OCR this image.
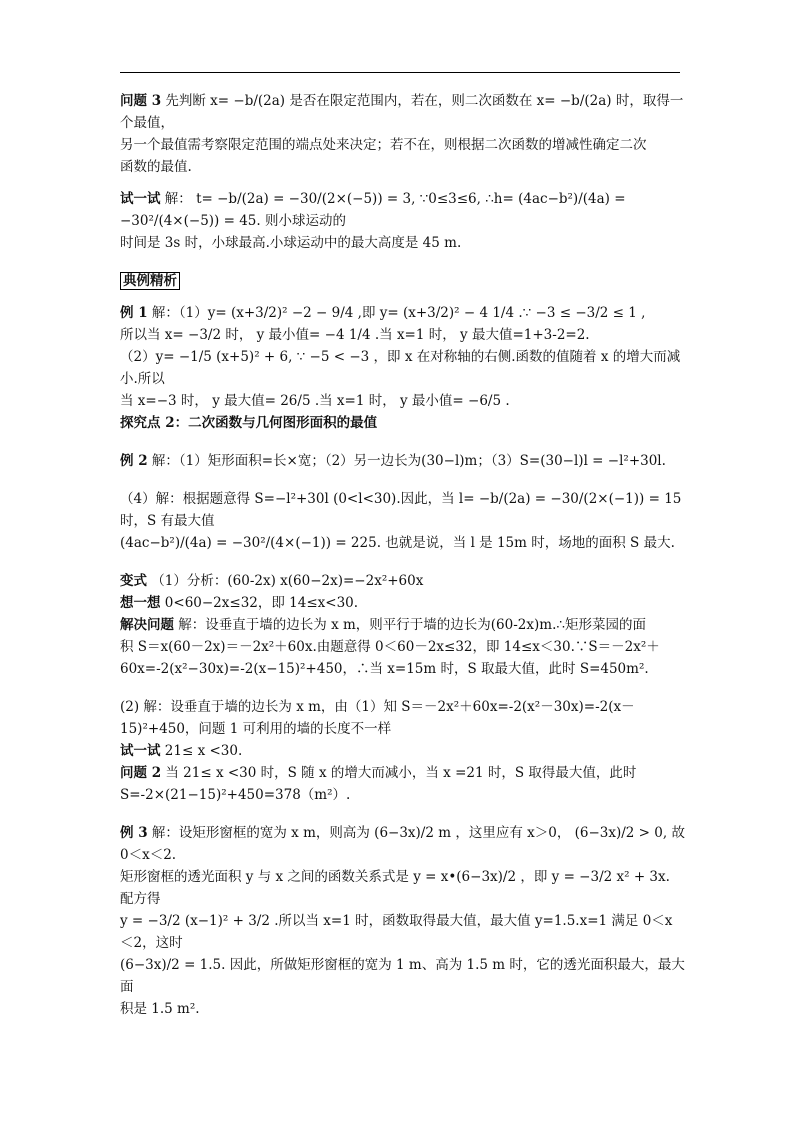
问题 3 先判断 x= −b/(2a) 是否在限定范围内，若在，则二次函数在 x= −b/(2a) 时，取得一个最值，

另一个最值需考察限定范围的端点处来决定；若不在，则根据二次函数的增减性确定二次

函数的最值.

试一试 解： t= −b/(2a) = −30/(2×(−5)) = 3, ∵0≤3≤6, ∴h= (4ac−b²)/(4a) = −30²/(4×(−5)) = 45. 则小球运动的

时间是 3s 时，小球最高.小球运动中的最大高度是 45 m.

典例精析

例 1 解：（1）y= (x+3/2)² −2 − 9/4 ,即 y= (x+3/2)² − 4 1/4 .∵ −3 ≤ −3/2 ≤ 1 ,

所以当 x= −3/2 时， y 最小值= −4 1/4 .当 x=1 时， y 最大值=1+3-2=2.

（2）y= −1/5 (x+5)² + 6, ∵ −5 < −3 ，即 x 在对称轴的右侧.函数的值随着 x 的增大而减小.所以

当 x=−3 时， y 最大值= 26/5 .当 x=1 时， y 最小值= −6/5 .

探究点 2：二次函数与几何图形面积的最值

例 2 解：（1）矩形面积=长×宽；（2）另一边长为(30−l)m；（3）S=(30−l)l = −l²+30l.

（4）解：根据题意得 S=−l²+30l (0<l<30).因此，当 l= −b/(2a) = −30/(2×(−1)) = 15 时，S 有最大值

(4ac−b²)/(4a) = −30²/(4×(−1)) = 225. 也就是说，当 l 是 15m 时，场地的面积 S 最大.

变式 （1）分析：(60-2x) x(60−2x)=−2x²+60x

想一想 0<60−2x≤32，即 14≤x<30.

解决问题 解：设垂直于墙的边长为 x m，则平行于墙的边长为(60-2x)m.∴矩形菜园的面

积 S＝x(60－2x)＝－2x²＋60x.由题意得 0＜60－2x≤32，即 14≤x＜30.∵S＝－2x²＋

60x=-2(x²−30x)=-2(x−15)²+450，∴当 x=15m 时，S 取最大值，此时 S=450m².

(2) 解：设垂直于墙的边长为 x m，由（1）知 S＝－2x²＋60x=-2(x²－30x)=-2(x－

15)²+450，问题 1 可利用的墙的长度不一样

试一试 21≤ x <30.

问题 2 当 21≤ x <30 时，S 随 x 的增大而减小，当 x =21 时，S 取得最大值，此时

S=-2×(21−15)²+450=378（m²）.

例 3 解：设矩形窗框的宽为 x m，则高为 (6−3x)/2 m ，这里应有 x＞0， (6−3x)/2 > 0, 故 0＜x＜2.

矩形窗框的透光面积 y 与 x 之间的函数关系式是 y = x•(6−3x)/2 ，即 y = −3/2 x² + 3x. 配方得

y = −3/2 (x−1)² + 3/2 .所以当 x=1 时，函数取得最大值，最大值 y=1.5.x=1 满足 0＜x＜2，这时

(6−3x)/2 = 1.5. 因此，所做矩形窗框的宽为 1 m、高为 1.5 m 时，它的透光面积最大，最大面

积是 1.5 m².
